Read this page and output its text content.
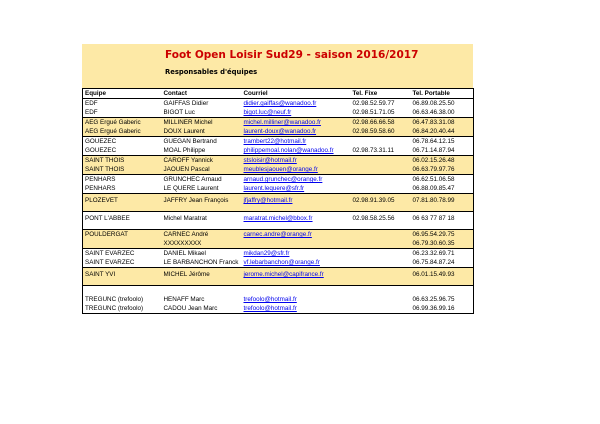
Foot Open Loisir Sud29 - saison 2016/2017
Responsables d'équipes
Equipe	Contact	Courriel	Tel. Fixe	Tel. Portable
EDF	GAIFFAS Didier	didier.gaiffas@wanadoo.fr	02.98.52.59.77	06.89.08.25.50
EDF	BIGOT Luc	bigot.luc@neuf.fr	02.98.51.71.05	06.63.46.38.00
AEG Ergué Gaberic	MILLINER Michel	michel.milliner@wanadoo.fr	02.98.66.66.58	06.47.83.31.08
AEG Ergué Gaberic	DOUX Laurent	laurent-doux@wanadoo.fr	02.98.59.58.60	06.84.20.40.44
GOUEZEC	GUEGAN Bertrand	trambert22@hotmail.fr		06.78.64.12.15
GOUEZEC	MOAL Philippe	philippemoal.nolan@wanadoo.fr	02.98.73.31.11	06.71.14.87.94
SAINT THOIS	CAROFF Yannick	stsloisir@hotmail.fr		06.02.15.26.48
SAINT THOIS	JAOUEN Pascal	meublesjaouen@orange.fr		06.63.79.97.76
PENHARS	GRUNCHEC Arnaud	arnaud.grunchec@orange.fr		06.62.51.06.58
PENHARS	LE QUERE Laurent	laurent.lequere@sfr.fr		06.88.09.85.47
PLOZEVET	JAFFRY Jean François	jfjaffry@hotmail.fr	02.98.91.39.05	07.81.80.78.99

PONT L'ABBEE	Michel Maratrat	maratrat.michel@bbox.fr	02.98.58.25.56	06 63 77 87 18

POULDERGAT	CARNEC André	carnec.andre@orange.fr		06.95.54.29.75
	XXXXXXXXX			06.79.30.60.35
SAINT EVARZEC	DANIEL Mikael	mikdan29@sfr.fr		06.23.32.69.71
SAINT EVARZEC	LE BARBANCHON Franck	vf.lebarbanchon@orange.fr		06.75.84.87.24
SAINT YVI	MICHEL Jérôme	jerome.michel@capifrance.fr		06.01.15.49.93

TREGUNC (trefoolo)	HENAFF Marc	trefoolo@hotmail.fr		06.63.25.96.75
TREGUNC (trefoolo)	CADOU Jean Marc	trefoolo@hotmail.fr		06.99.36.99.16
